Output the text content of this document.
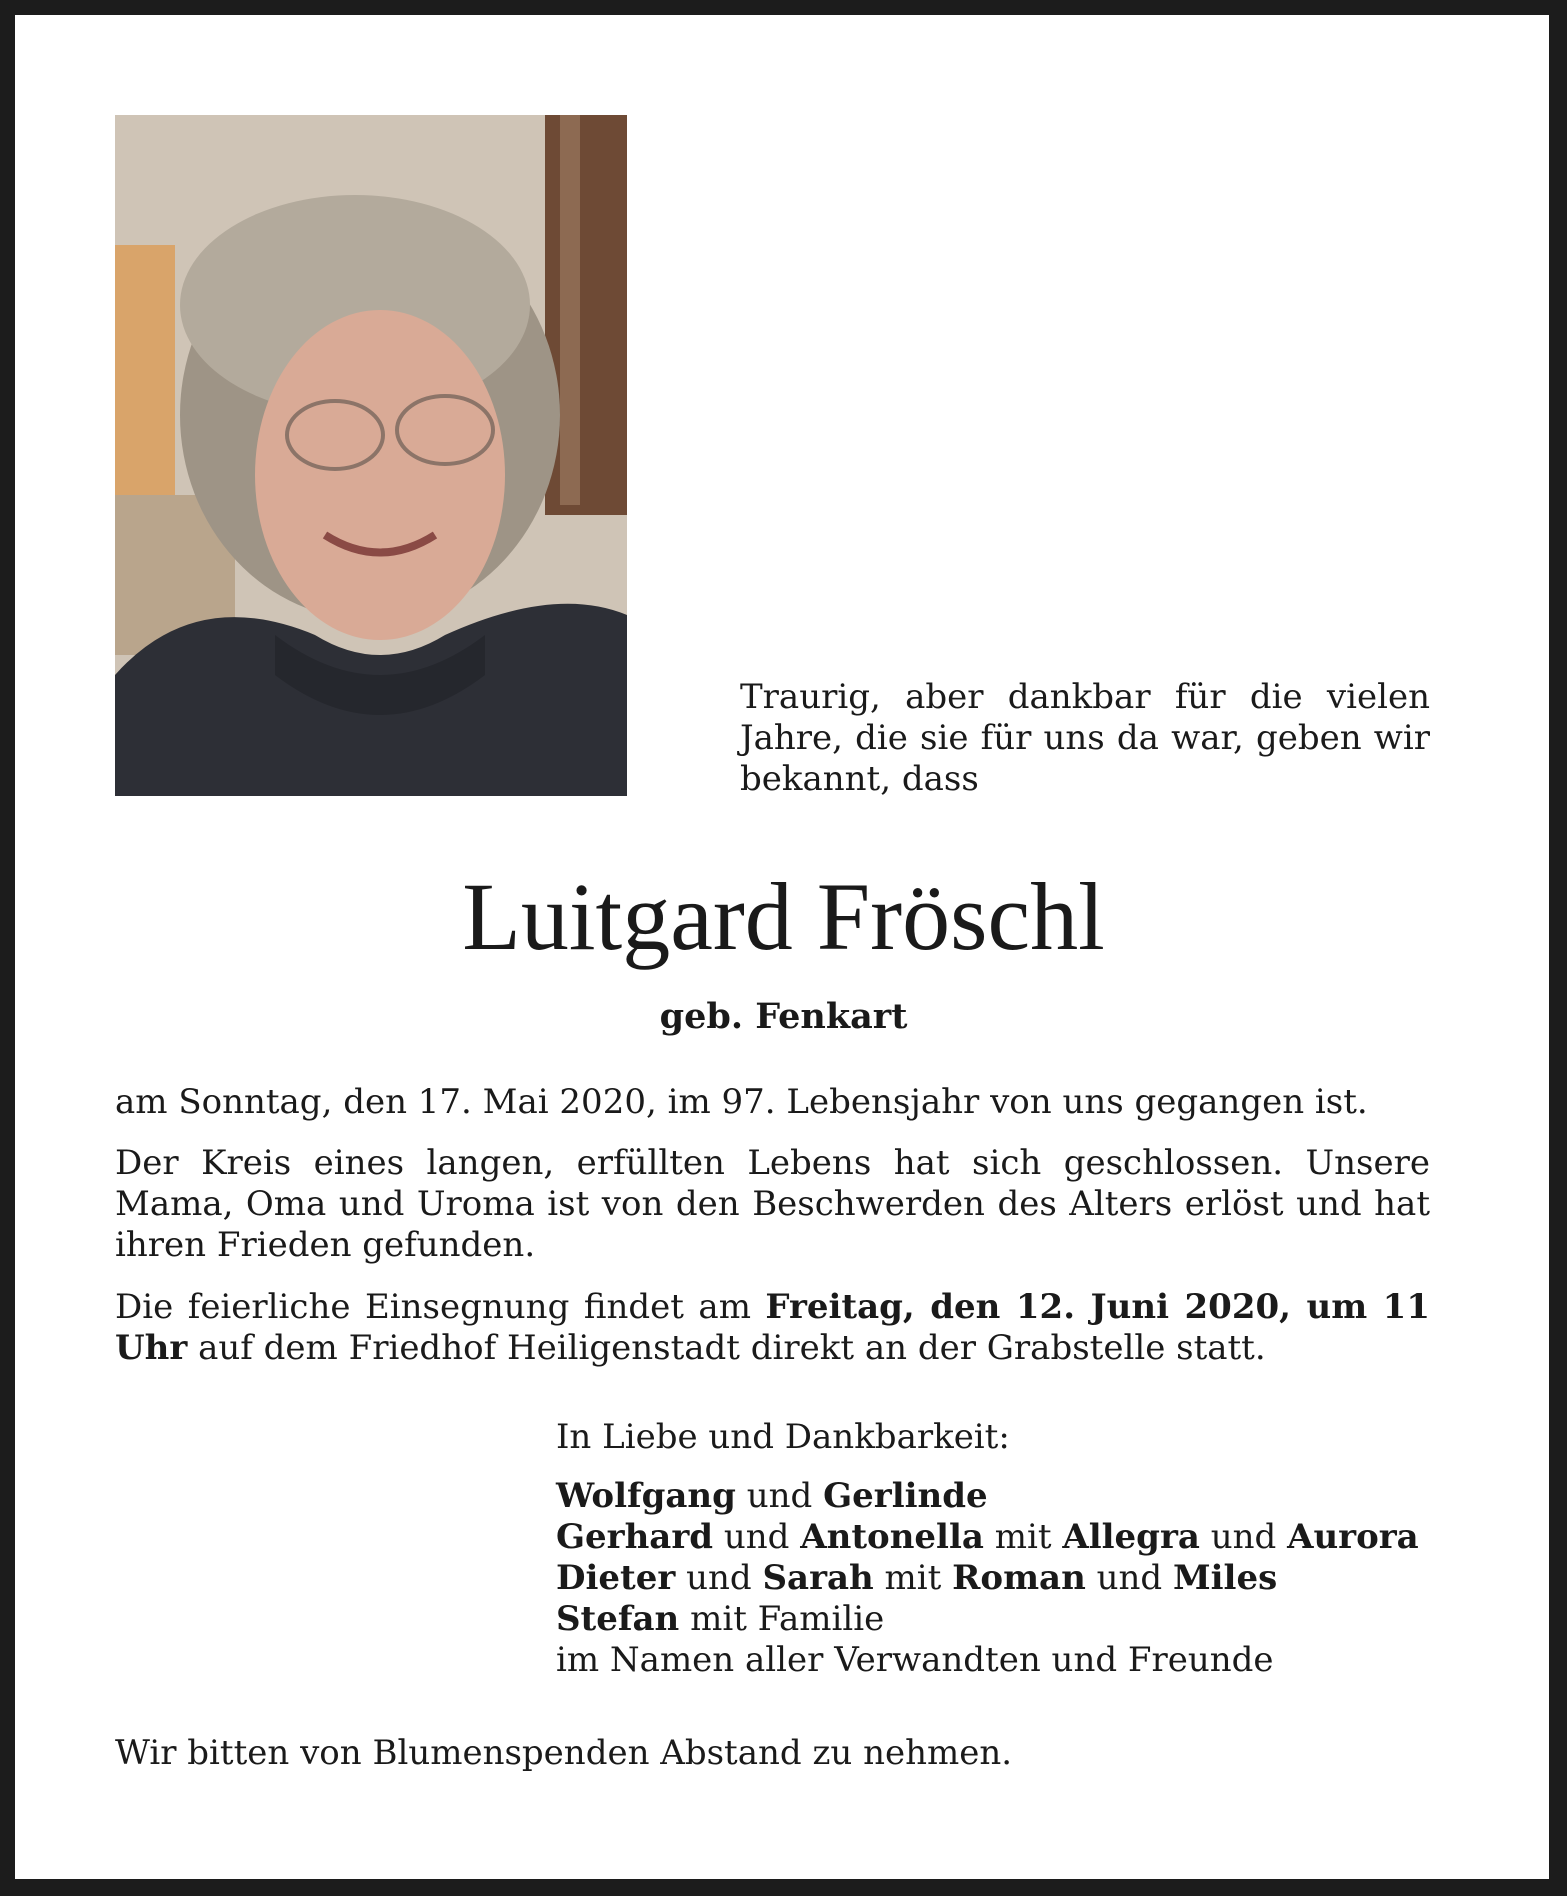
Traurig, aber dankbar für die vielen Jahre, die sie für uns da war, geben wir bekannt, dass
Luitgard Fröschl
geb. Fenkart
am Sonntag, den 17. Mai 2020, im 97. Lebensjahr von uns gegangen ist.
Der Kreis eines langen, erfüllten Lebens hat sich geschlossen. Unsere Mama, Oma und Uroma ist von den Beschwerden des Alters erlöst und hat ihren Frieden gefunden.
Die feierliche Einsegnung findet am Freitag, den 12. Juni 2020, um 11 Uhr auf dem Friedhof Heiligenstadt direkt an der Grabstelle statt.
In Liebe und Dankbarkeit:
Wolfgang und Gerlinde
Gerhard und Antonella mit Allegra und Aurora
Dieter und Sarah mit Roman und Miles
Stefan mit Familie
im Namen aller Verwandten und Freunde
Wir bitten von Blumenspenden Abstand zu nehmen.
